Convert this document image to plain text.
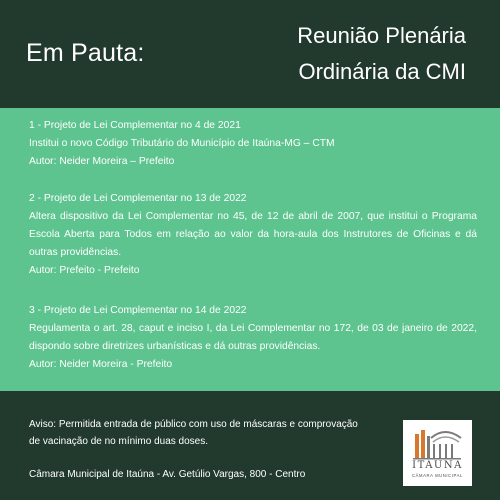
Em Pauta:
Reunião Plenária
Ordinária da CMI

1 - Projeto de Lei Complementar no 4 de 2021

Institui o novo Código Tributário do Município de Itaúna-MG – CTM

Autor: Neider Moreira – Prefeito

2 - Projeto de Lei Complementar no 13 de 2022

Altera dispositivo da Lei Complementar no 45, de 12 de abril de 2007, que institui o Programa Escola Aberta para Todos em relação ao valor da hora-aula dos Instrutores de Oficinas e dá outras providências.

Autor: Prefeito - Prefeito

3 - Projeto de Lei Complementar no 14 de 2022

Regulamenta o art. 28, caput e inciso I, da Lei Complementar no 172, de 03 de janeiro de 2022, dispondo sobre diretrizes urbanísticas e dá outras providências.

Autor: Neider Moreira - Prefeito

Aviso: Permitida entrada de público com uso de máscaras e comprovação de vacinação de no mínimo duas doses.
Câmara Municipal de Itaúna - Av. Getúlio Vargas, 800 - Centro
ITAÚNA
CÂMARA MUNICIPAL
